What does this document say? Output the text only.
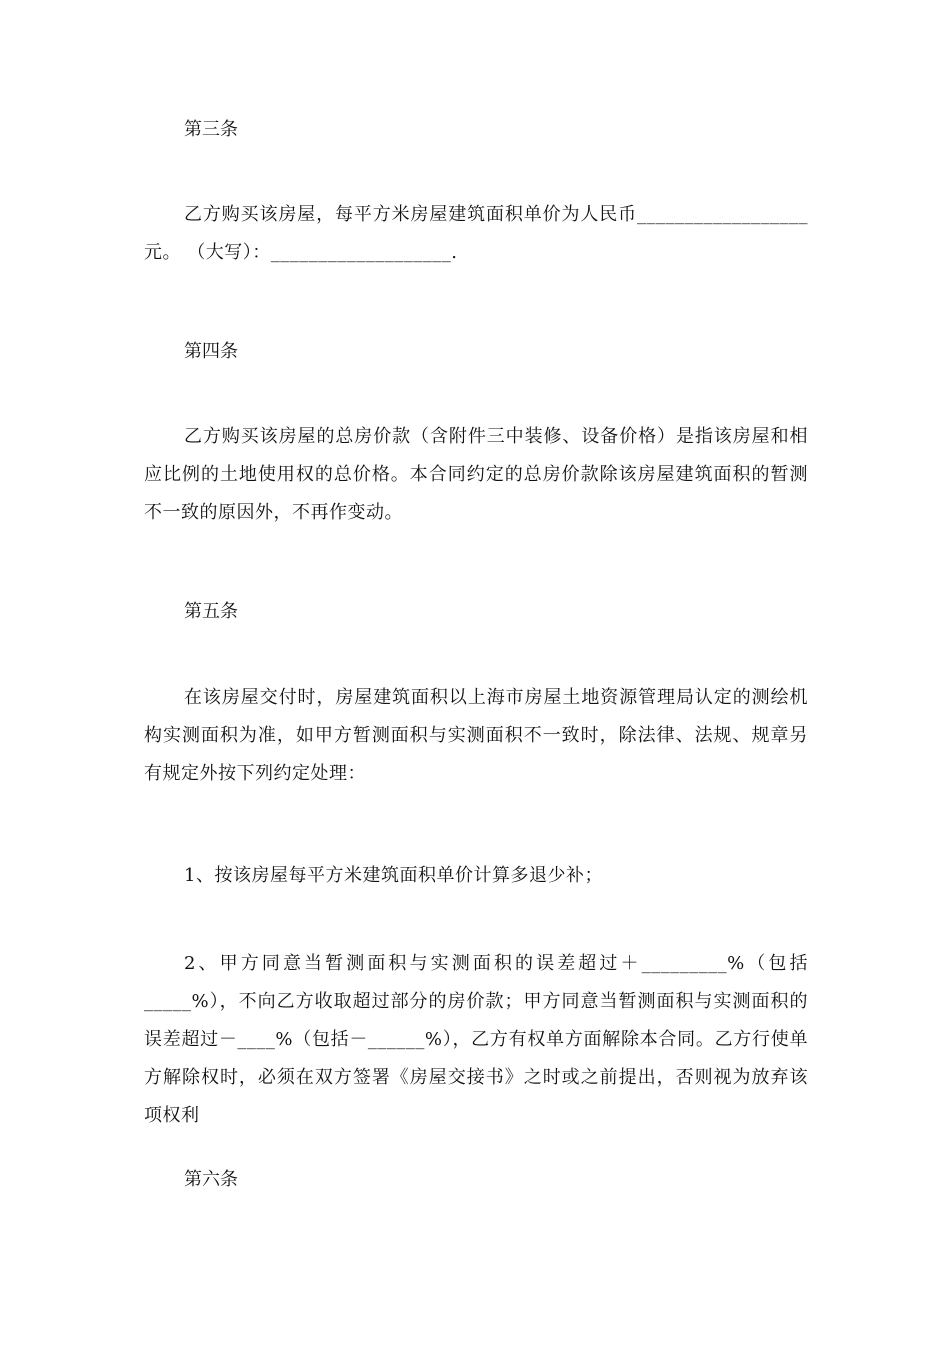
第三条
乙方购买该房屋，每平方米房屋建筑面积单价为人民币__________________元。 （大写）：___________________.
第四条
乙方购买该房屋的总房价款（含附件三中装修、设备价格）是指该房屋和相应比例的土地使用权的总价格。本合同约定的总房价款除该房屋建筑面积的暂测不一致的原因外，不再作变动。
第五条
在该房屋交付时，房屋建筑面积以上海市房屋土地资源管理局认定的测绘机构实测面积为准，如甲方暂测面积与实测面积不一致时，除法律、法规、规章另有规定外按下列约定处理：
1、按该房屋每平方米建筑面积单价计算多退少补；
2、甲方同意当暂测面积与实测面积的误差超过＋_________%（包括_____%），不向乙方收取超过部分的房价款；甲方同意当暂测面积与实测面积的误差超过－____%（包括－______%），乙方有权单方面解除本合同。乙方行使单方解除权时，必须在双方签署《房屋交接书》之时或之前提出，否则视为放弃该项权利
第六条
